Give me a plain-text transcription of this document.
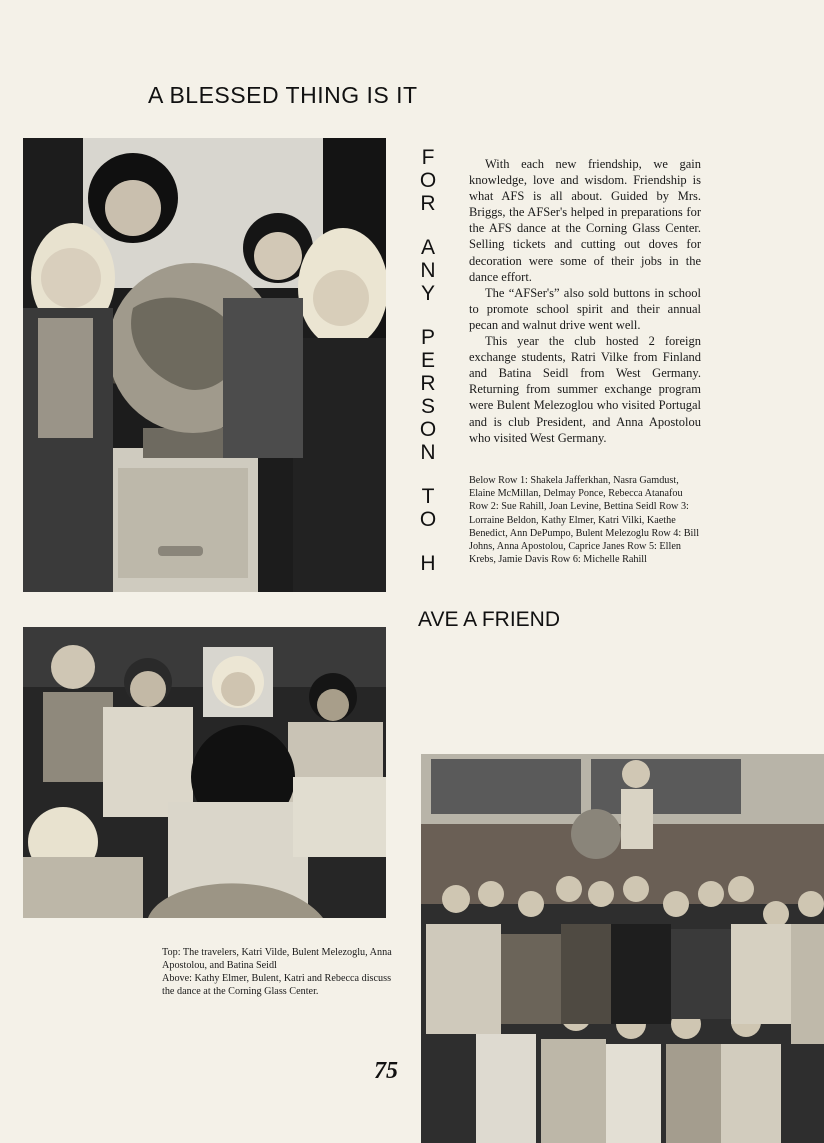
A BLESSED THING IS IT
F
O
R
A
N
Y
P
E
R
S
O
N
T
O
H
AVE A FRIEND

With each new friendship, we gain knowledge, love and wisdom. Friendship is what AFS is all about. Guided by Mrs. Briggs, the AFSer's helped in preparations for the AFS dance at the Corning Glass Center. Selling tickets and cutting out doves for decoration were some of their jobs in the dance effort.

The “AFSer's” also sold buttons in school to promote school spirit and their annual pecan and walnut drive went well.

This year the club hosted 2 foreign exchange students, Ratri Vilke from Finland and Batina Seidl from West Germany. Returning from summer exchange program were Bulent Melezoglou who visited Portugal and is club President, and Anna Apostolou who visited West Germany.

Below Row 1: Shakela Jafferkhan, Nasra Gamdust, Elaine McMillan, Delmay Ponce, Rebecca Atanafou Row 2: Sue Rahill, Joan Levine, Bettina Seidl Row 3: Lorraine Beldon, Kathy Elmer, Katri Vilki, Kaethe Benedict, Ann DePumpo, Bulent Melezoglu Row 4: Bill Johns, Anna Apostolou, Caprice Janes Row 5: Ellen Krebs, Jamie Davis Row 6: Michelle Rahill
Top: The travelers, Katri Vilde, Bulent Melezoglu, Anna Apostolou, and Batina Seidl
Above: Kathy Elmer, Bulent, Katri and Rebecca discuss the dance at the Corning Glass Center.
75
